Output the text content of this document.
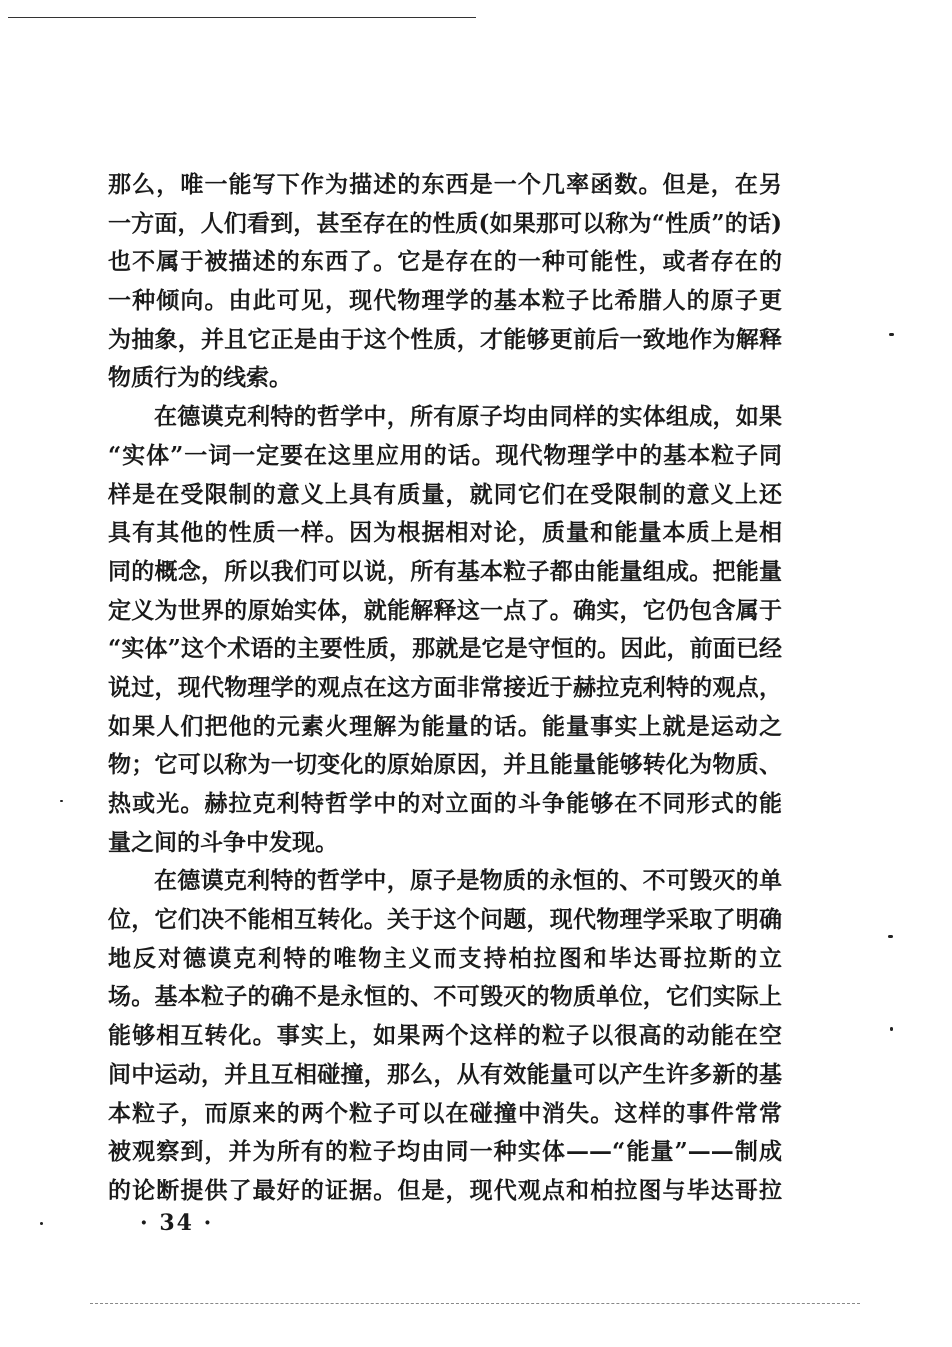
那么，唯一能写下作为描述的东西是一个几率函数。但是，在另
一方面，人们看到，甚至存在的性质(如果那可以称为“性质”的话)
也不属于被描述的东西了。它是存在的一种可能性，或者存在的
一种倾向。由此可见，现代物理学的基本粒子比希腊人的原子更
为抽象，并且它正是由于这个性质，才能够更前后一致地作为解释
物质行为的线索。
在德谟克利特的哲学中，所有原子均由同样的实体组成，如果
“实体”一词一定要在这里应用的话。现代物理学中的基本粒子同
样是在受限制的意义上具有质量，就同它们在受限制的意义上还
具有其他的性质一样。因为根据相对论，质量和能量本质上是相
同的概念，所以我们可以说，所有基本粒子都由能量组成。把能量
定义为世界的原始实体，就能解释这一点了。确实，它仍包含属于
“实体”这个术语的主要性质，那就是它是守恒的。因此，前面已经
说过，现代物理学的观点在这方面非常接近于赫拉克利特的观点，
如果人们把他的元素火理解为能量的话。能量事实上就是运动之
物；它可以称为一切变化的原始原因，并且能量能够转化为物质、
热或光。赫拉克利特哲学中的对立面的斗争能够在不同形式的能
量之间的斗争中发现。
在德谟克利特的哲学中，原子是物质的永恒的、不可毁灭的单
位，它们决不能相互转化。关于这个问题，现代物理学采取了明确
地反对德谟克利特的唯物主义而支持柏拉图和毕达哥拉斯的立
场。基本粒子的确不是永恒的、不可毁灭的物质单位，它们实际上
能够相互转化。事实上，如果两个这样的粒子以很高的动能在空
间中运动，并且互相碰撞，那么，从有效能量可以产生许多新的基
本粒子，而原来的两个粒子可以在碰撞中消失。这样的事件常常
被观察到，并为所有的粒子均由同一种实体——“能量”——制成
的论断提供了最好的证据。但是，现代观点和柏拉图与毕达哥拉
· 34 ·
